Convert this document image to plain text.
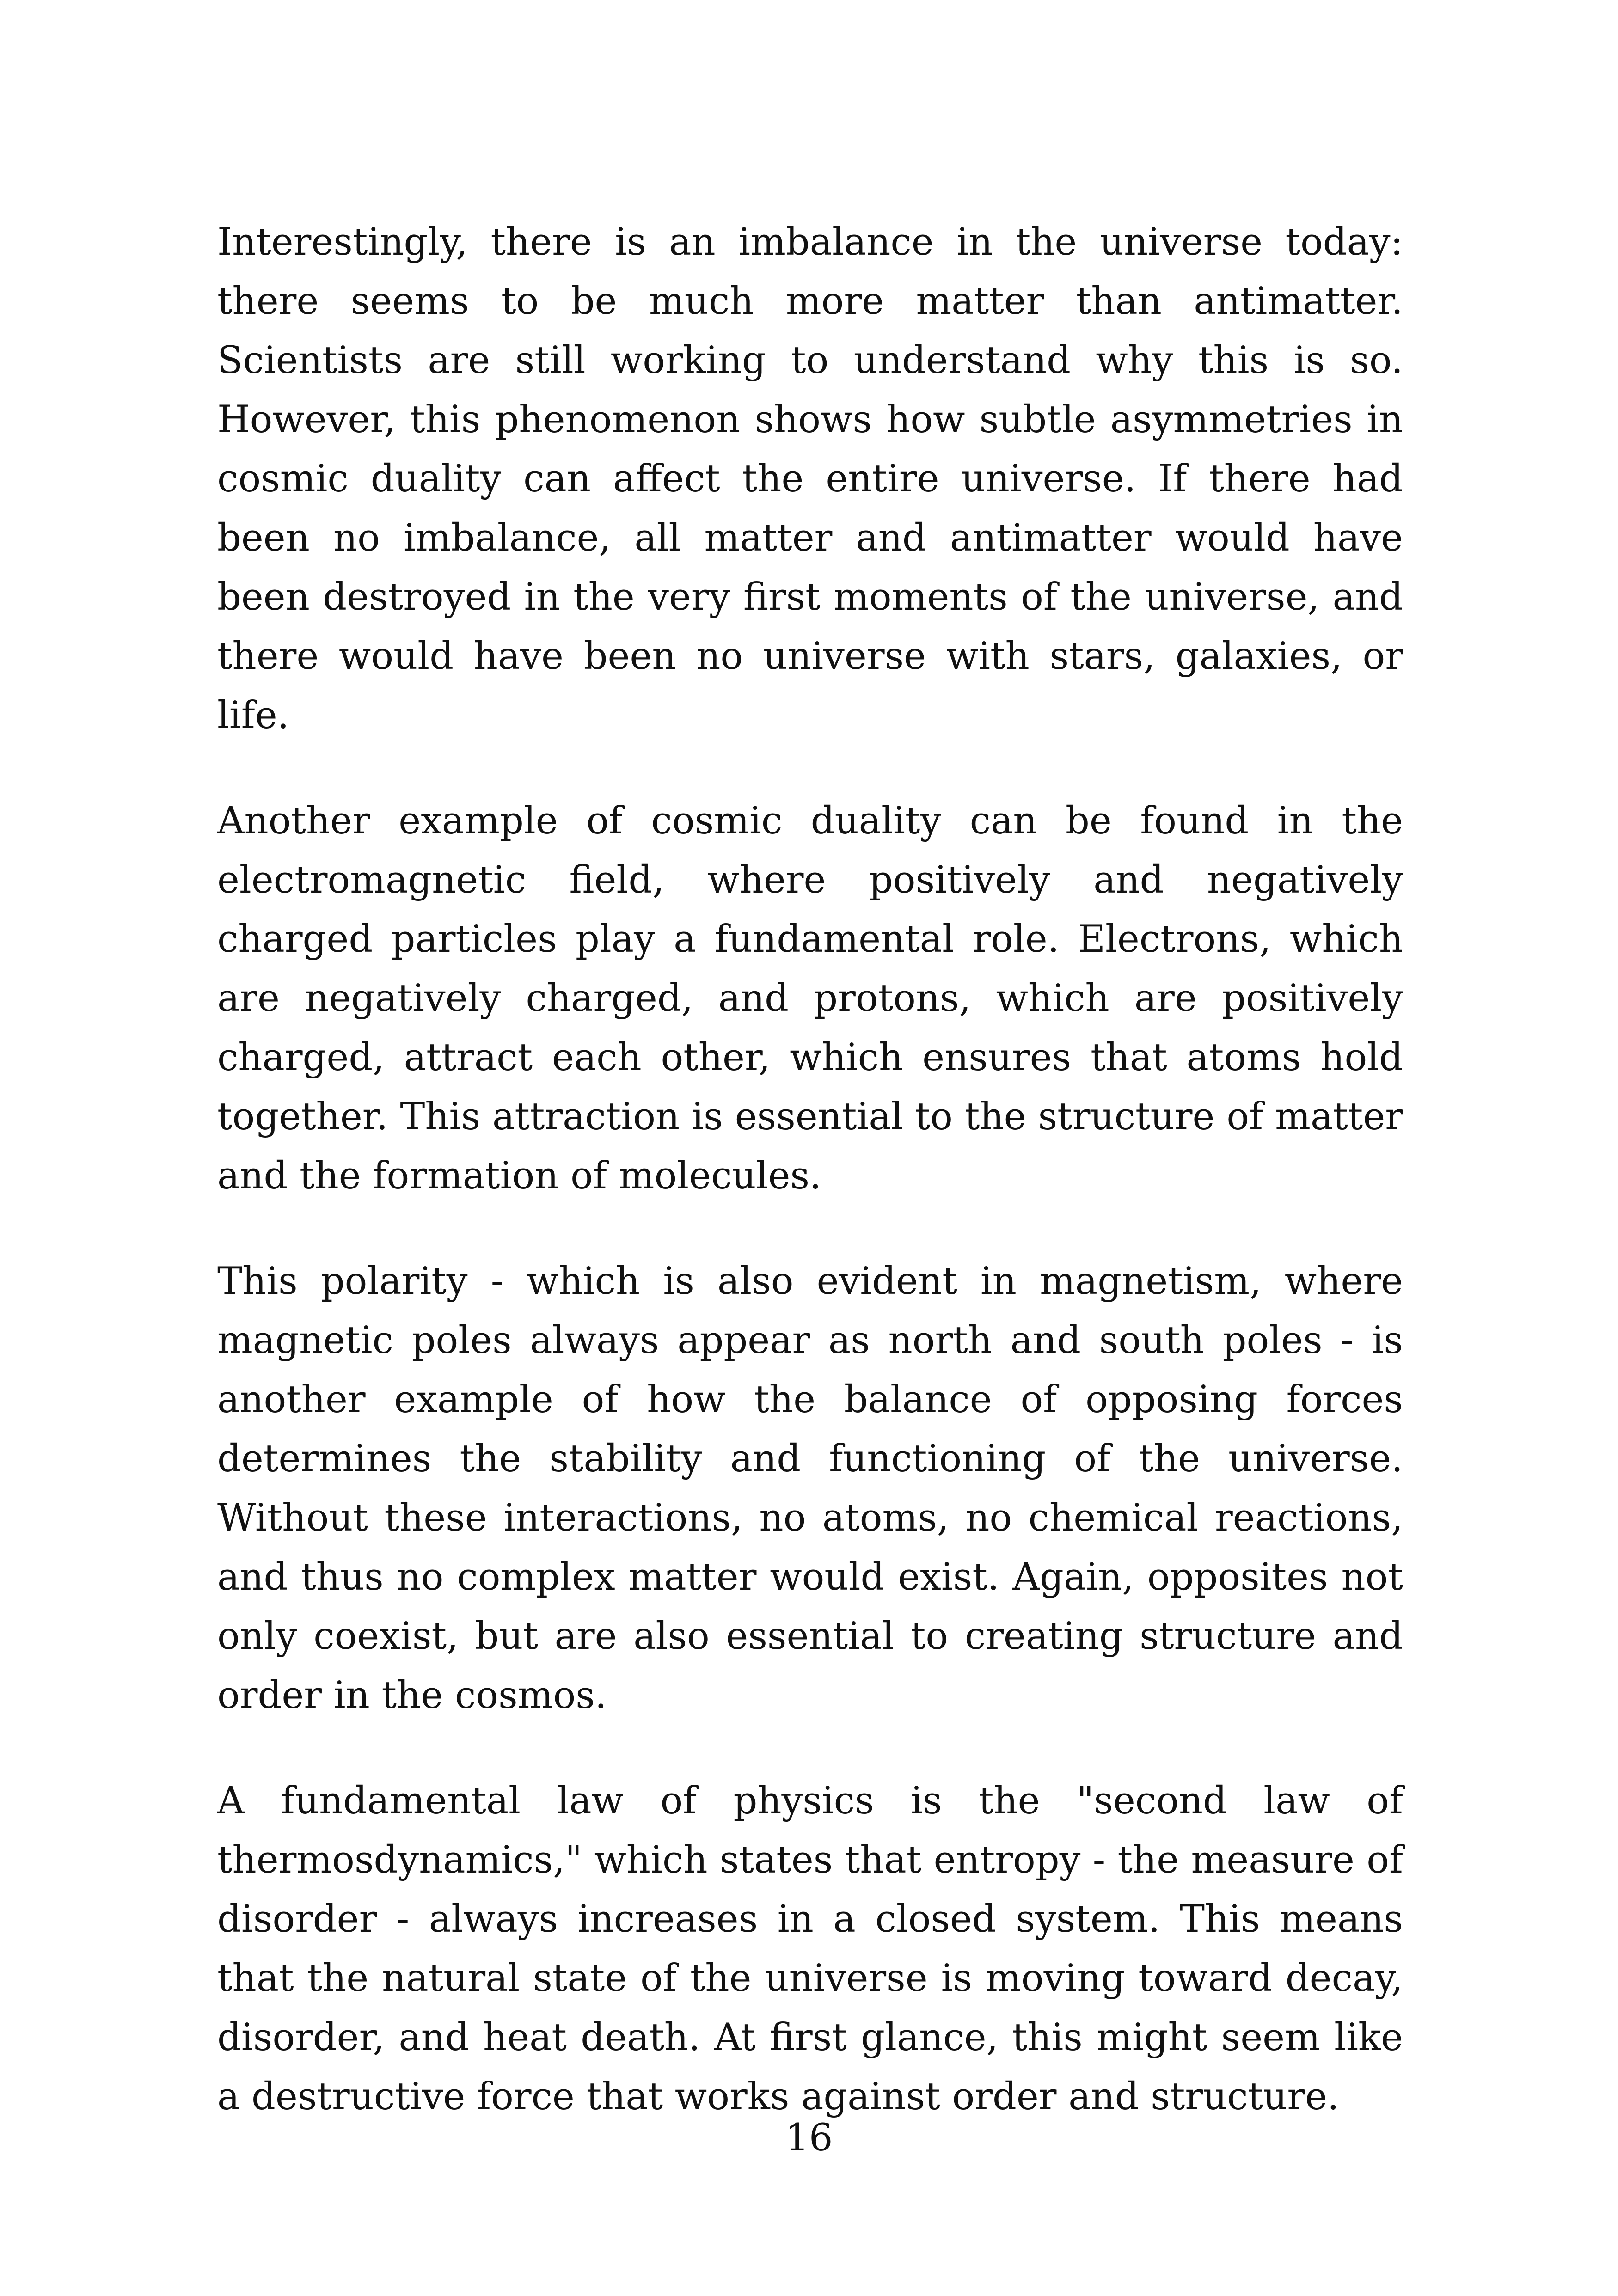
Interestingly, there is an imbalance in the universe today: there seems to be much more matter than antimatter. Scientists are still working to understand why this is so. However, this phenomenon shows how subtle asymmetries in cosmic duality can affect the entire universe. If there had been no imbalance, all matter and antimatter would have been destroyed in the very first moments of the universe, and there would have been no universe with stars, galaxies, or life.

Another example of cosmic duality can be found in the electromagnetic field, where positively and negatively charged particles play a fundamental role. Electrons, which are negatively charged, and protons, which are positively charged, attract each other, which ensures that atoms hold together. This attraction is essential to the structure of matter and the formation of molecules.

This polarity - which is also evident in magnetism, where magnetic poles always appear as north and south poles - is another example of how the balance of opposing forces determines the stability and functioning of the universe. Without these interactions, no atoms, no chemical reactions, and thus no complex matter would exist. Again, opposites not only coexist, but are also essential to creating structure and order in the cosmos.

A fundamental law of physics is the "second law of thermosdynamics," which states that entropy - the measure of disorder - always increases in a closed system. This means that the natural state of the universe is moving toward decay, disorder, and heat death. At first glance, this might seem like a destructive force that works against order and structure.

16
